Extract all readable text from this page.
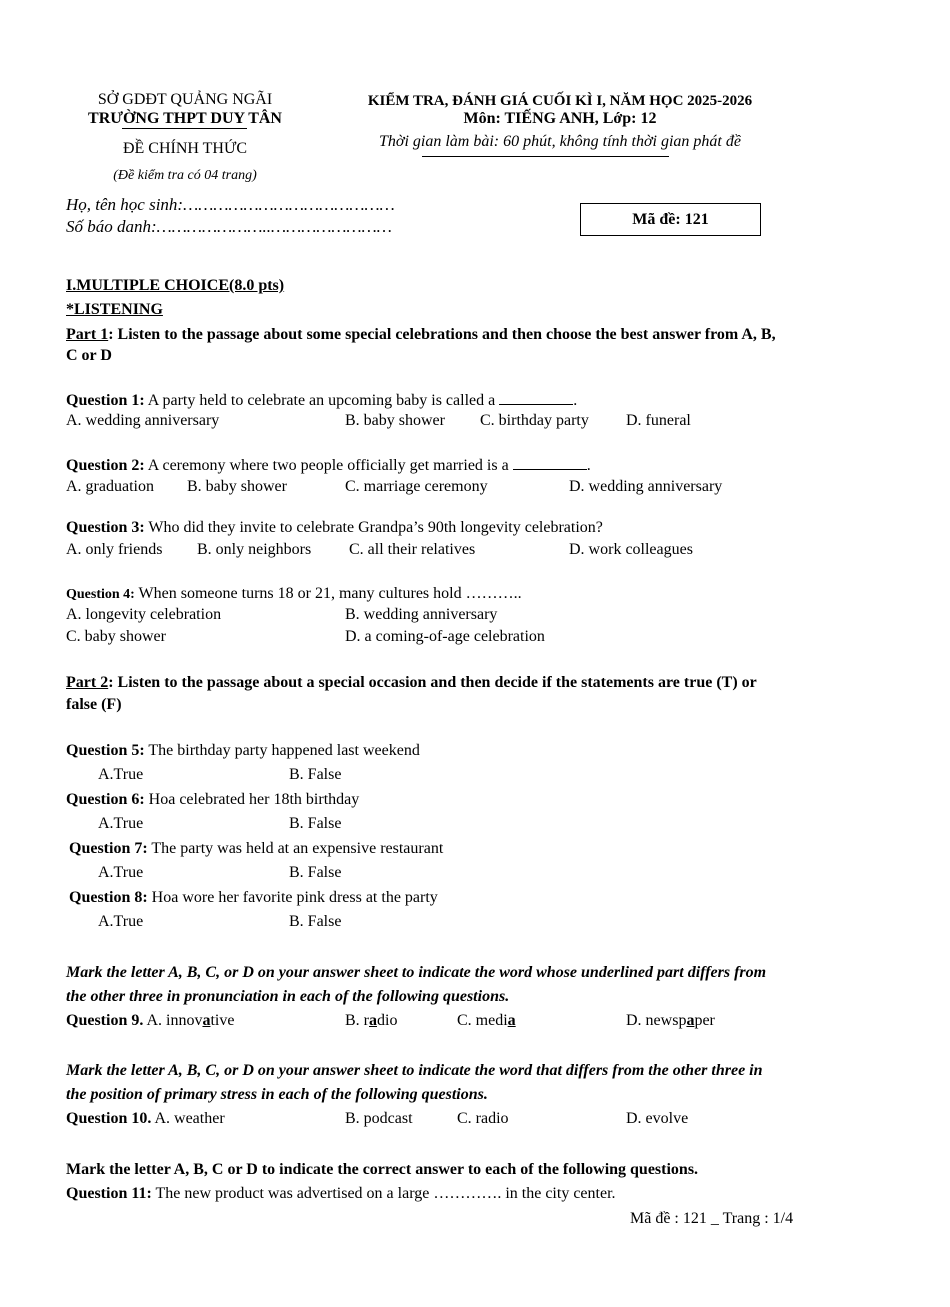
SỞ GDĐT QUẢNG NGÃI
TRƯỜNG THPT DUY TÂN
ĐỀ CHÍNH THỨC
(Đề kiểm tra có 04 trang)
KIỂM TRA, ĐÁNH GIÁ CUỐI KÌ I, NĂM HỌC 2025-2026
Môn: TIẾNG ANH, Lớp: 12
Thời gian làm bài: 60 phút, không tính thời gian phát đề
Họ, tên học sinh:……………………………………
Số báo danh:…………………..……………………	Mã đề: 121
I.MULTIPLE CHOICE(8.0 pts)
*LISTENING
Part 1: Listen to the passage about some special celebrations and then choose the best answer from A, B,
C or D
Question 1: A party held to celebrate an upcoming baby is called a	.
A. wedding anniversary	B. baby shower C. birthday party D. funeral
Question 2: A ceremony where two people officially get married is a	.
A. graduation B. baby shower	C. marriage ceremony	D. wedding anniversary
Question 3: Who did they invite to celebrate Grandpa’s 90th longevity celebration?
A. only friends B. only neighbors C. all their relatives	D. work colleagues
Question 4: When someone turns 18 or 21, many cultures hold ………..
A. longevity celebration	B. wedding anniversary
C. baby shower	D. a coming-of-age celebration
Part 2: Listen to the passage about a special occasion and then decide if the statements are true (T) or
false (F)
Question 5: The birthday party happened last weekend
A.True	B. False
Question 6: Hoa celebrated her 18th birthday
A.True	B. False
Question 7: The party was held at an expensive restaurant
A.True	B. False
Question 8: Hoa wore her favorite pink dress at the party
A.True	B. False
Mark the letter A, B, C, or D on your answer sheet to indicate the word whose underlined part differs from
the other three in pronunciation in each of the following questions.
Question 9. A. innovative	B. radio	C. media	D. newspaper
Mark the letter A, B, C, or D on your answer sheet to indicate the word that differs from the other three in
the position of primary stress in each of the following questions.
Question 10. A. weather	B. podcast	C. radio	D. evolve
Mark the letter A, B, C or D to indicate the correct answer to each of the following questions.
Question 11: The new product was advertised on a large …………. in the city center.
Mã đề : 121 _ Trang : 1/4
